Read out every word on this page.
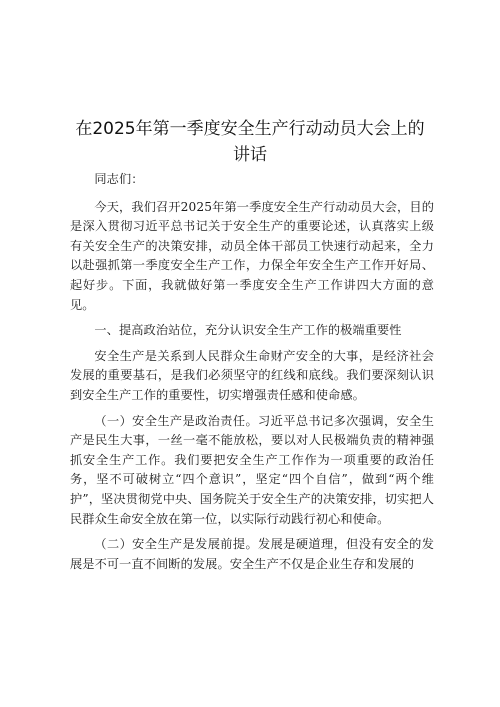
在2025年第一季度安全生产行动动员大会上的
讲话

同志们：

今天，我们召开2025年第一季度安全生产行动动员大会，目的是深入贯彻习近平总书记关于安全生产的重要论述，认真落实上级有关安全生产的决策安排，动员全体干部员工快速行动起来，全力以赴强抓第一季度安全生产工作，力保全年安全生产工作开好局、起好步。下面，我就做好第一季度安全生产工作讲四大方面的意见。

一、提高政治站位，充分认识安全生产工作的极端重要性

安全生产是关系到人民群众生命财产安全的大事，是经济社会发展的重要基石，是我们必须坚守的红线和底线。我们要深刻认识到安全生产工作的重要性，切实增强责任感和使命感。

（一）安全生产是政治责任。习近平总书记多次强调，安全生产是民生大事，一丝一毫不能放松，要以对人民极端负责的精神强抓安全生产工作。我们要把安全生产工作作为一项重要的政治任务，坚不可破树立“四个意识”，坚定“四个自信”，做到“两个维护”，坚决贯彻党中央、国务院关于安全生产的决策安排，切实把人民群众生命安全放在第一位，以实际行动践行初心和使命。

（二）安全生产是发展前提。发展是硬道理，但没有安全的发展是不可一直不间断的发展。安全生产不仅是企业生存和发展的
